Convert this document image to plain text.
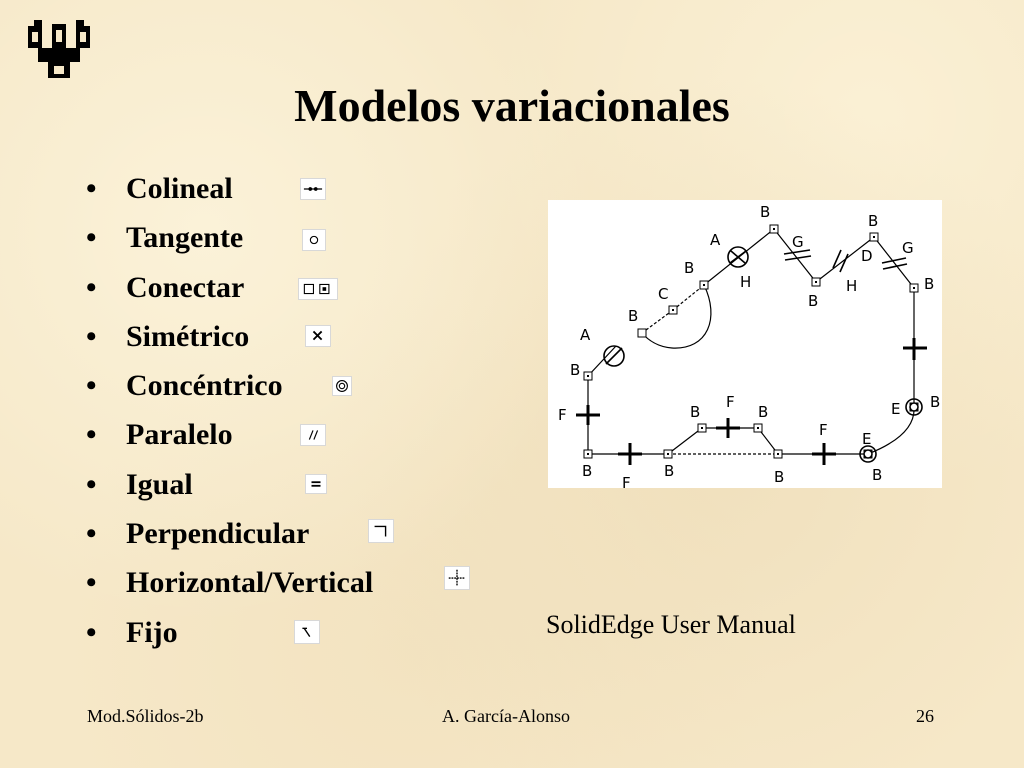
Modelos variacionales
• Colineal
• Tangente
• Conectar
• Simétrico
• Concéntrico
• Paralelo
• Igual
• Perpendicular
• Horizontal/Vertical
• Fijo
A
B
F
B
F
B
B
F
B
B
F E
B
E B
B
G
B
D
H
B
G
B
A
H
B
C
B
SolidEdge User Manual
Mod.Sólidos-2b	A. García-Alonso	26
